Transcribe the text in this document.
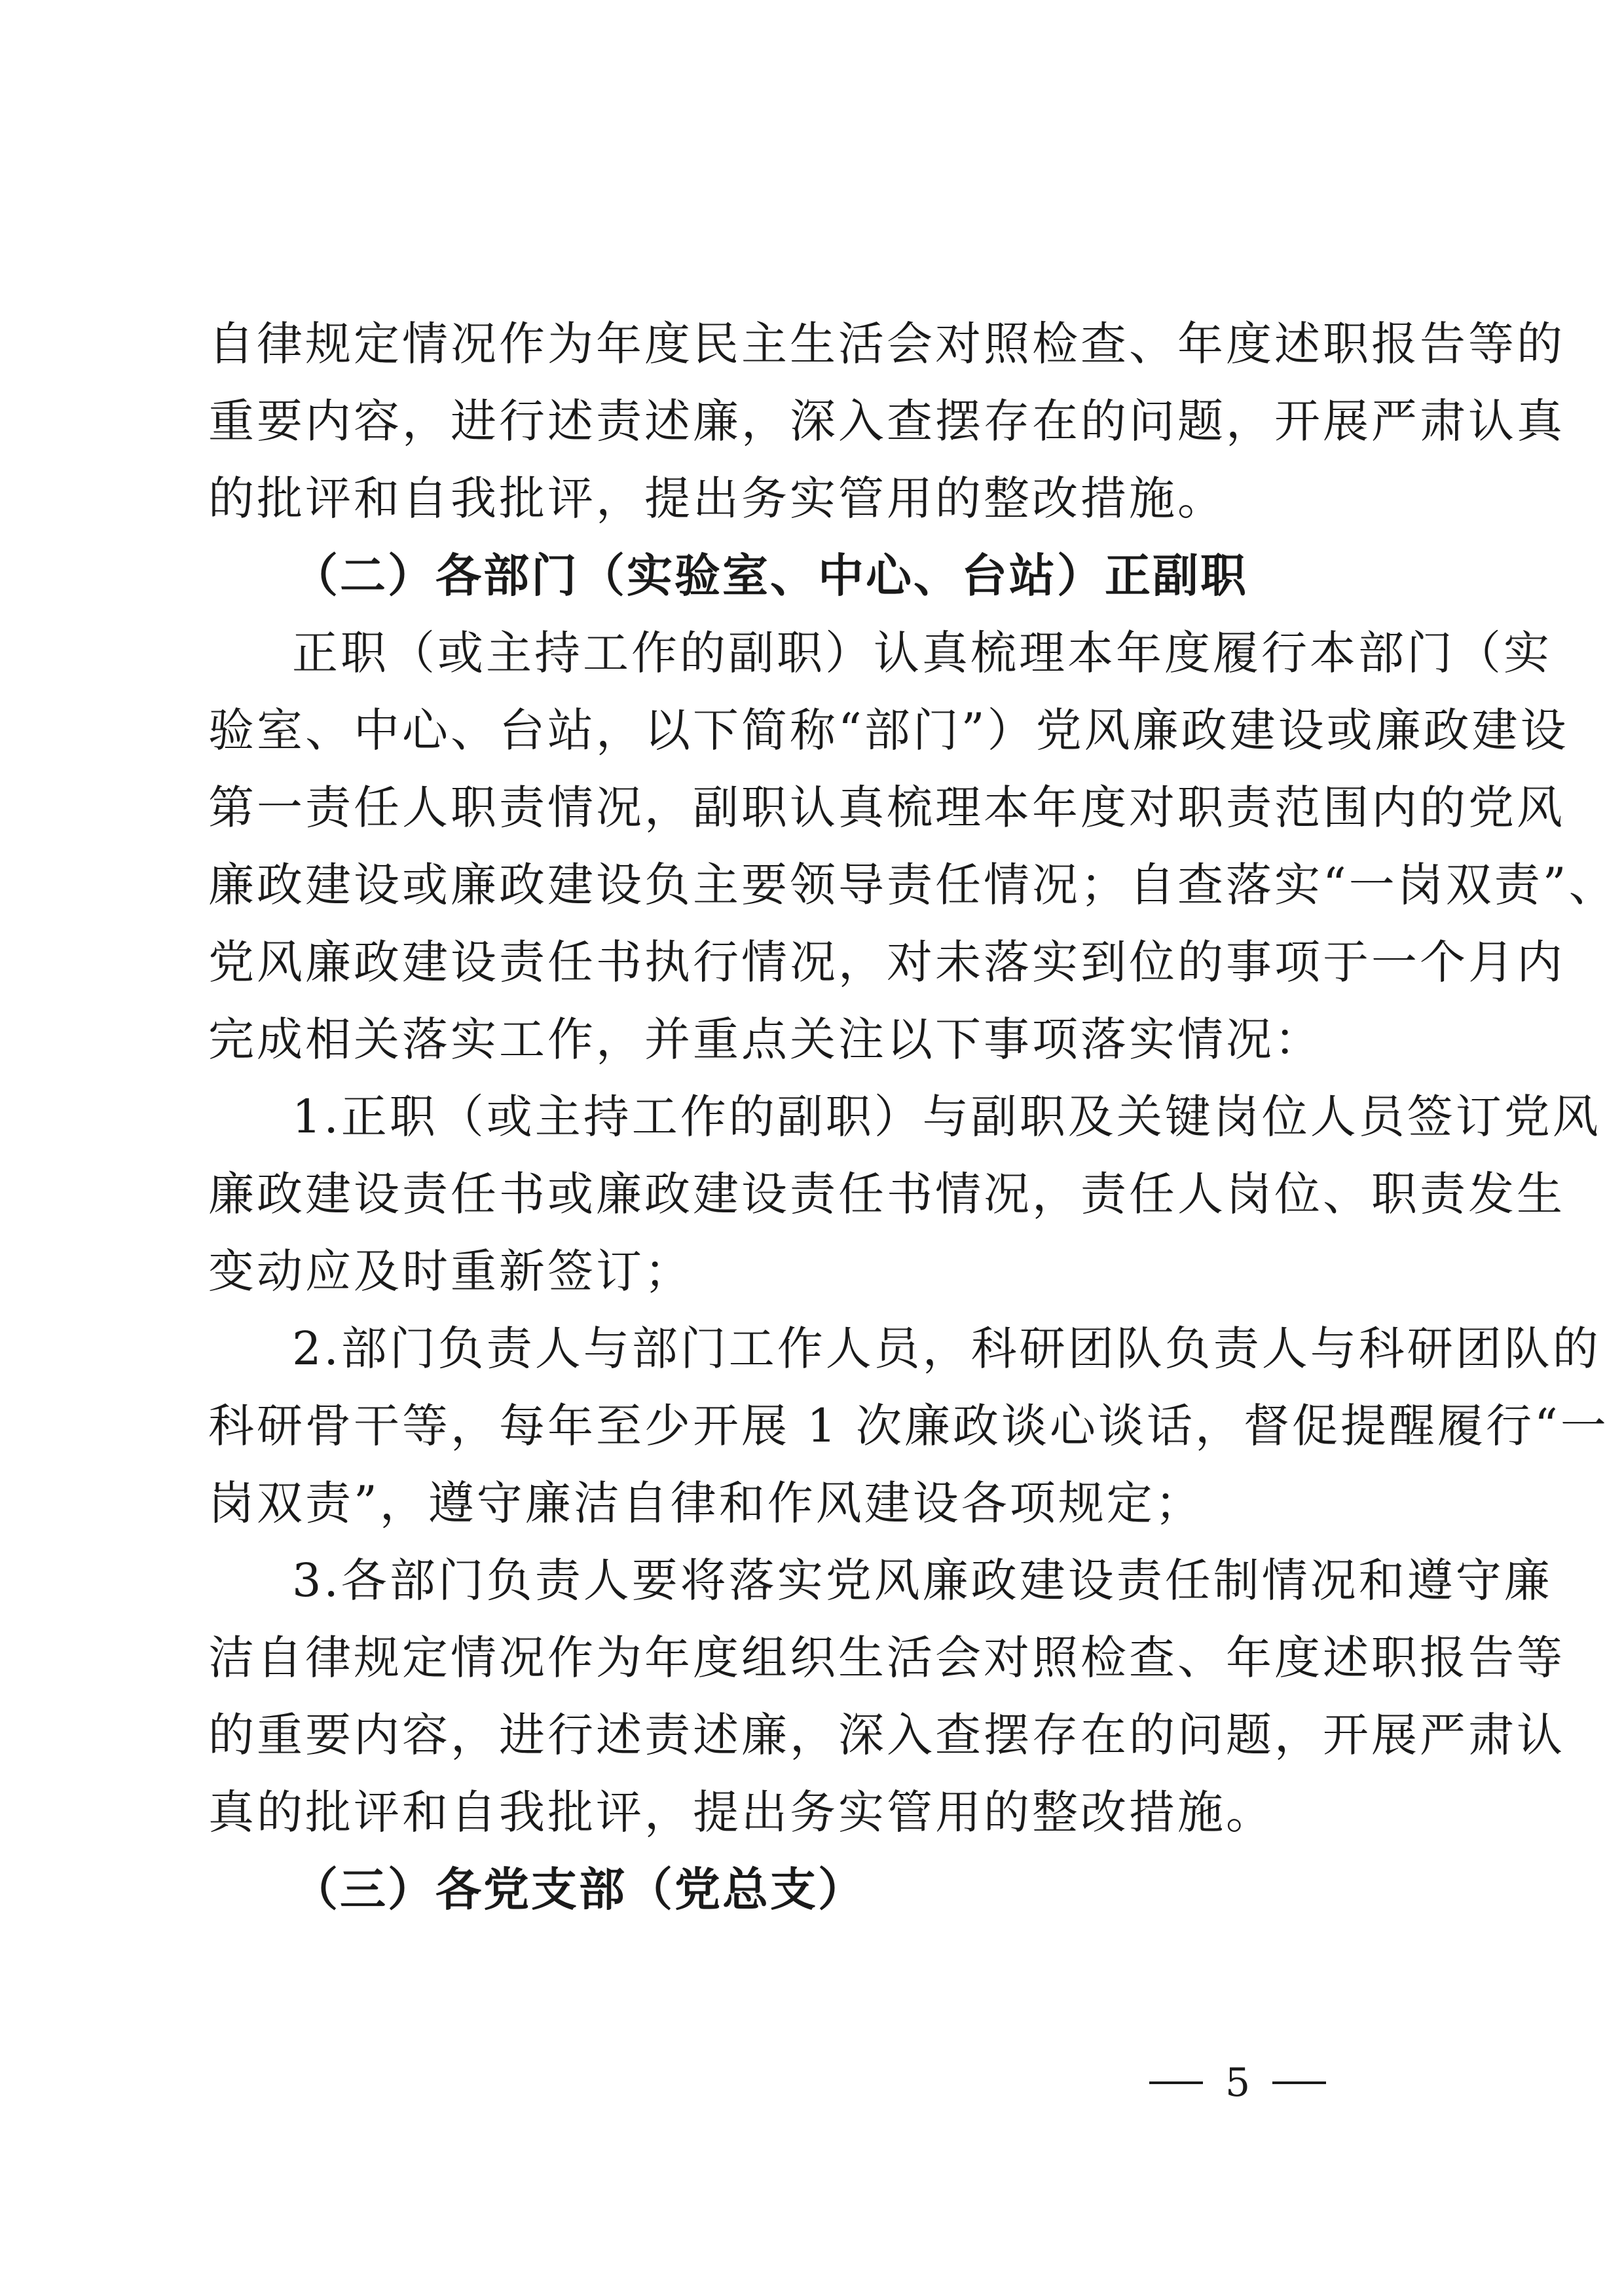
自律规定情况作为年度民主生活会对照检查、年度述职报告等的
重要内容，进行述责述廉，深入查摆存在的问题，开展严肃认真
的批评和自我批评，提出务实管用的整改措施。
（二）各部门（实验室、中心、台站）正副职
正职（或主持工作的副职）认真梳理本年度履行本部门（实
验室、中心、台站，以下简称“部门”）党风廉政建设或廉政建设
第一责任人职责情况，副职认真梳理本年度对职责范围内的党风
廉政建设或廉政建设负主要领导责任情况；自查落实“一岗双责”、
党风廉政建设责任书执行情况，对未落实到位的事项于一个月内
完成相关落实工作，并重点关注以下事项落实情况：
1.正职（或主持工作的副职）与副职及关键岗位人员签订党风
廉政建设责任书或廉政建设责任书情况，责任人岗位、职责发生
变动应及时重新签订；
2.部门负责人与部门工作人员，科研团队负责人与科研团队的
科研骨干等，每年至少开展 1 次廉政谈心谈话，督促提醒履行“一
岗双责”，遵守廉洁自律和作风建设各项规定；
3.各部门负责人要将落实党风廉政建设责任制情况和遵守廉
洁自律规定情况作为年度组织生活会对照检查、年度述职报告等
的重要内容，进行述责述廉，深入查摆存在的问题，开展严肃认
真的批评和自我批评，提出务实管用的整改措施。
（三）各党支部（党总支）
5
